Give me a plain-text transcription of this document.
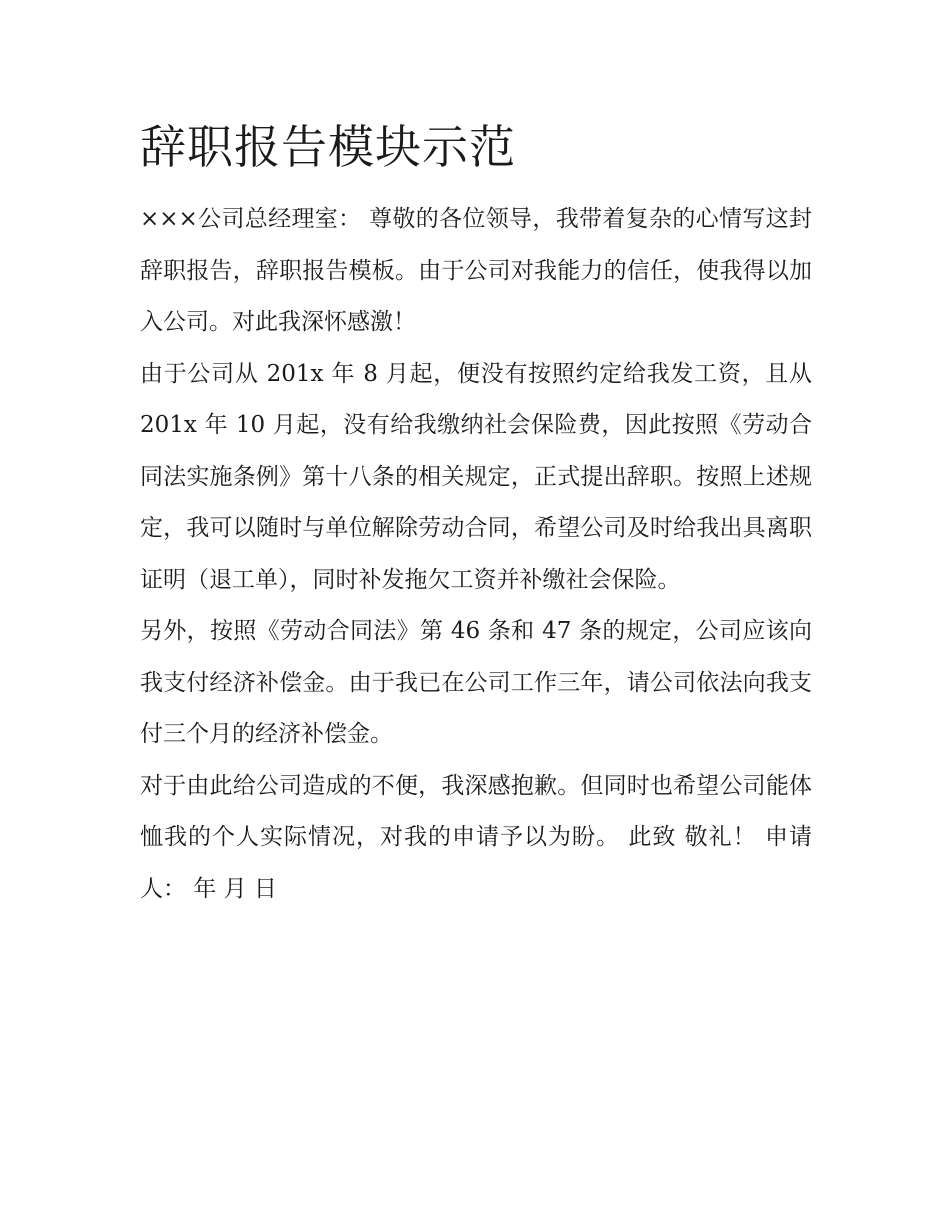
辞职报告模块示范

×××公司总经理室： 尊敬的各位领导，我带着复杂的心情写这封辞职报告，辞职报告模板。由于公司对我能力的信任，使我得以加入公司。对此我深怀感激！

由于公司从 201x 年 8 月起，便没有按照约定给我发工资，且从 201x 年 10 月起，没有给我缴纳社会保险费，因此按照《劳动合同法实施条例》第十八条的相关规定，正式提出辞职。按照上述规定，我可以随时与单位解除劳动合同，希望公司及时给我出具离职证明（退工单），同时补发拖欠工资并补缴社会保险。

另外，按照《劳动合同法》第 46 条和 47 条的规定，公司应该向我支付经济补偿金。由于我已在公司工作三年，请公司依法向我支付三个月的经济补偿金。

对于由此给公司造成的不便，我深感抱歉。但同时也希望公司能体恤我的个人实际情况，对我的申请予以为盼。 此致 敬礼！ 申请人： 年 月 日
